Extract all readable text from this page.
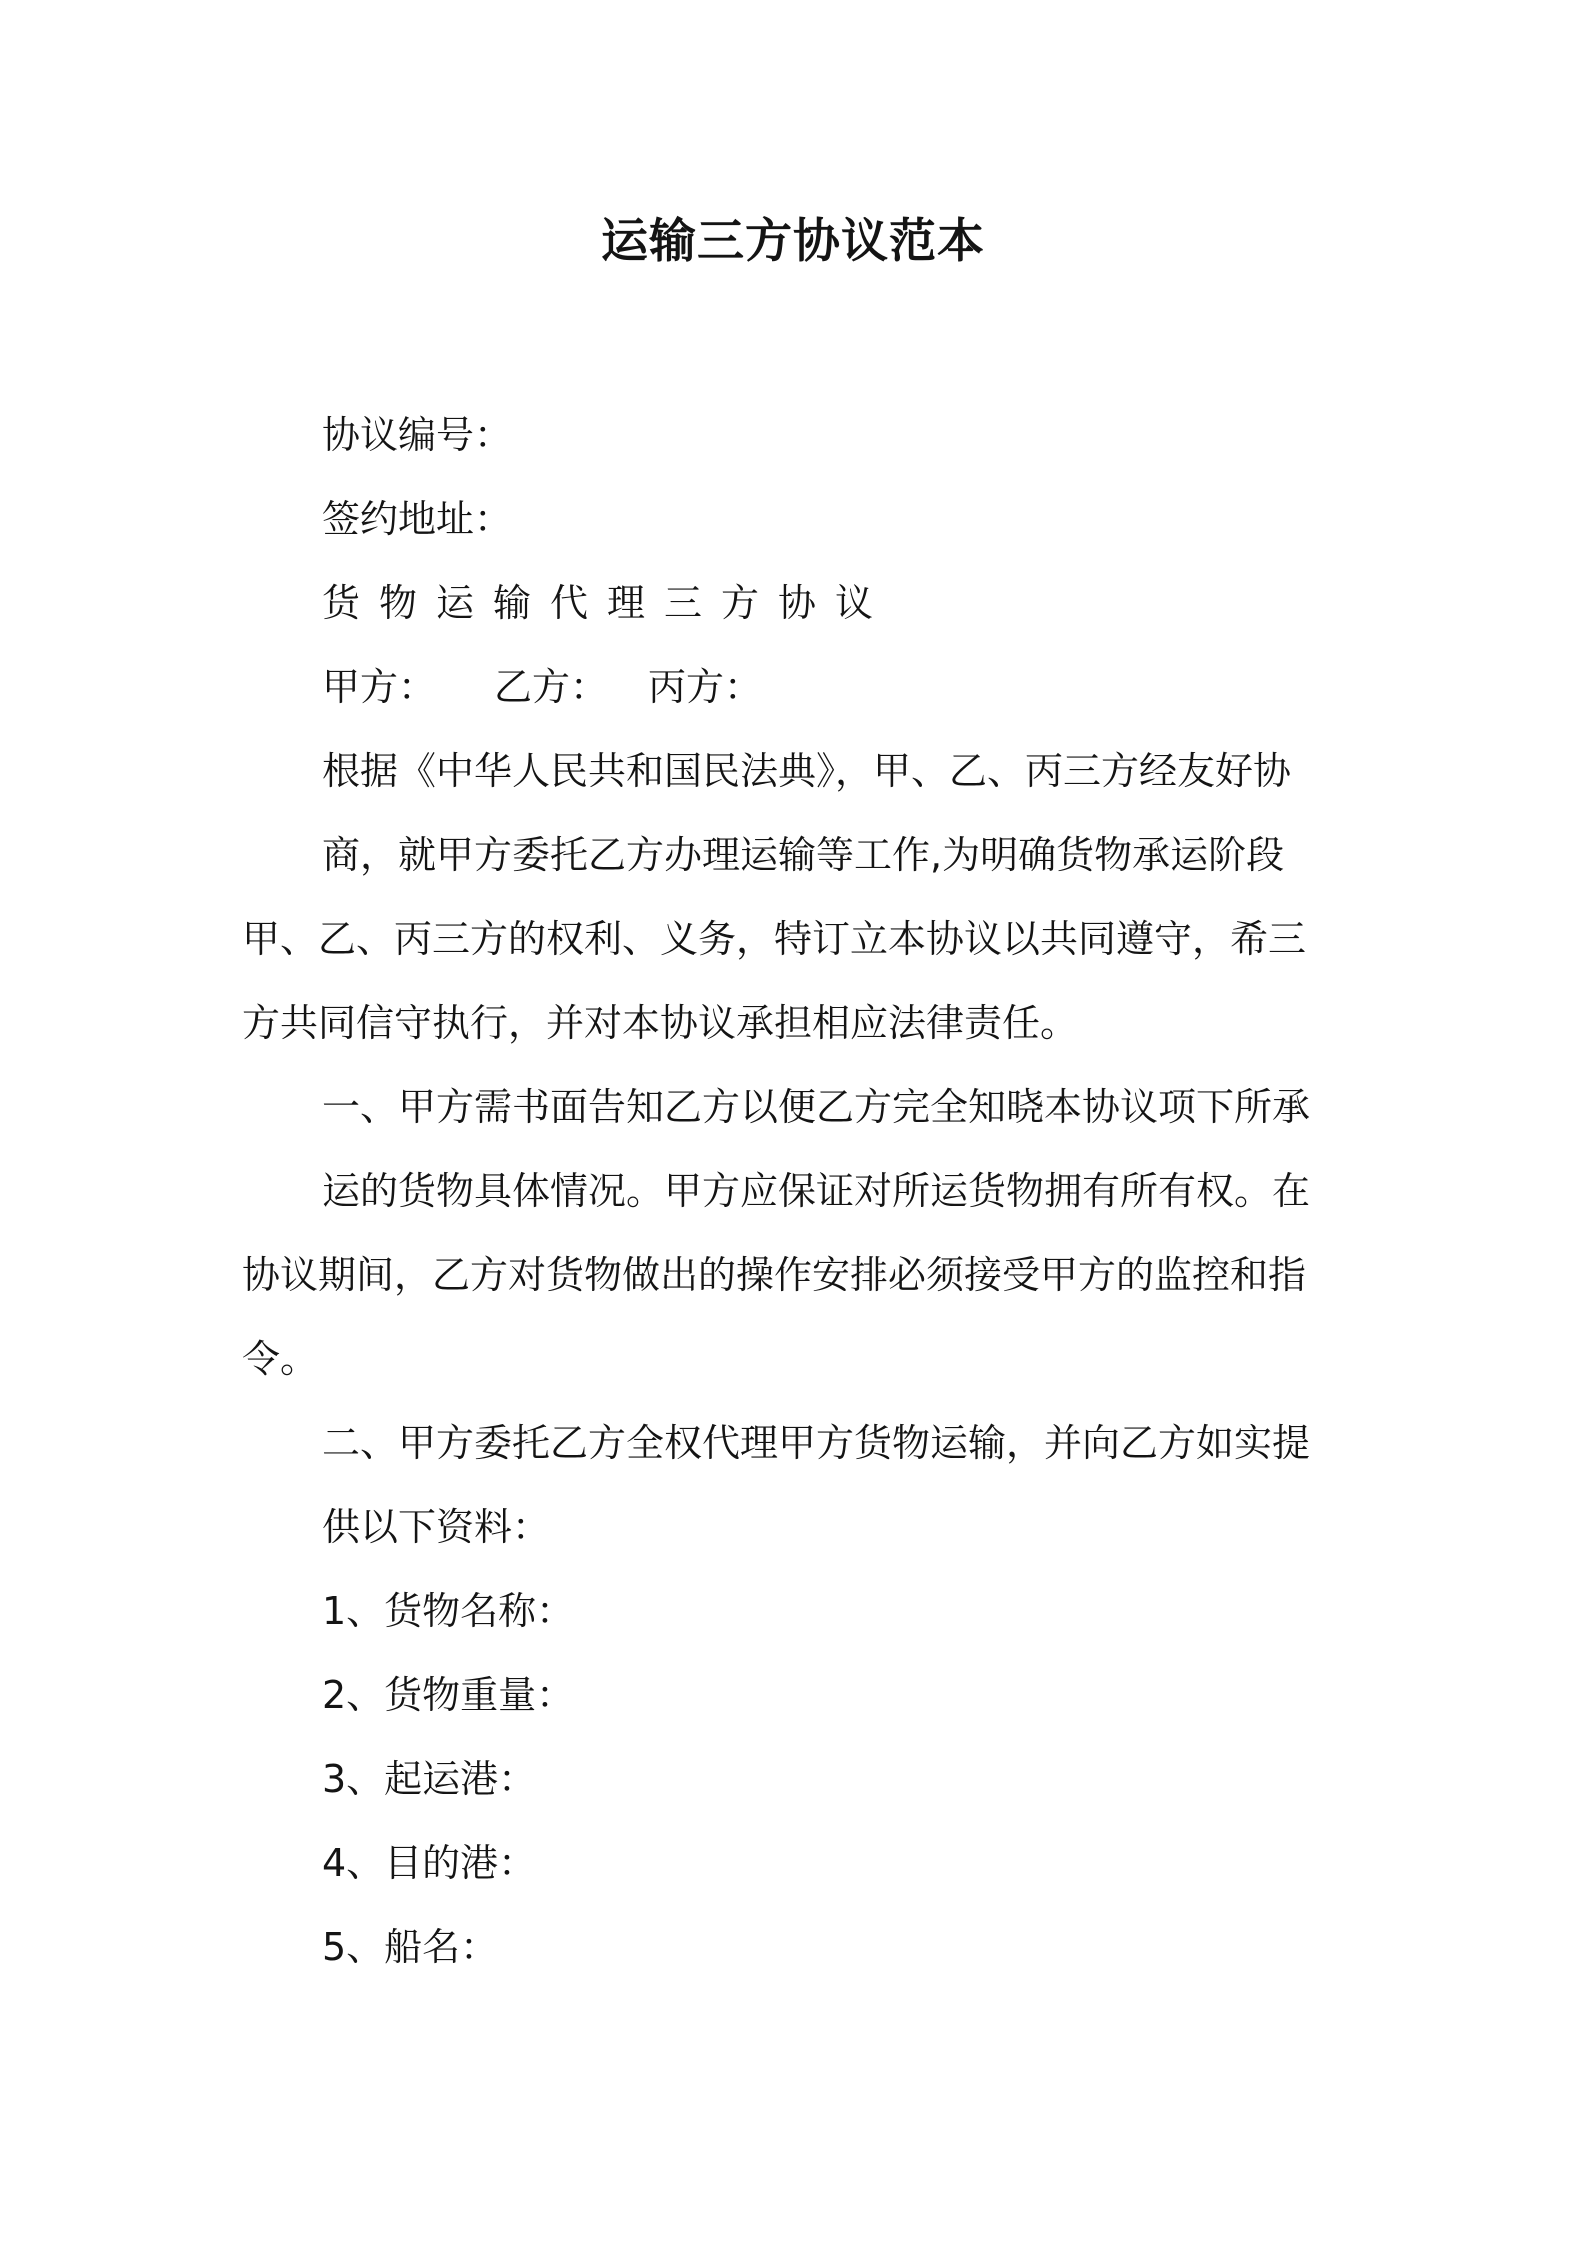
运输三方协议范本
协议编号：
签约地址：
货物运输代理三方协议
甲方： 乙方： 丙方：
根据《中华人民共和国民法典》，甲、乙、丙三方经友好协
商，就甲方委托乙方办理运输等工作,为明确货物承运阶段
甲、乙、丙三方的权利、义务，特订立本协议以共同遵守，希三
方共同信守执行，并对本协议承担相应法律责任。
一、甲方需书面告知乙方以便乙方完全知晓本协议项下所承
运的货物具体情况。甲方应保证对所运货物拥有所有权。在
协议期间，乙方对货物做出的操作安排必须接受甲方的监控和指
令。
二、甲方委托乙方全权代理甲方货物运输，并向乙方如实提
供以下资料：
1、货物名称：
2、货物重量：
3、起运港：
4、目的港：
5、船名：
